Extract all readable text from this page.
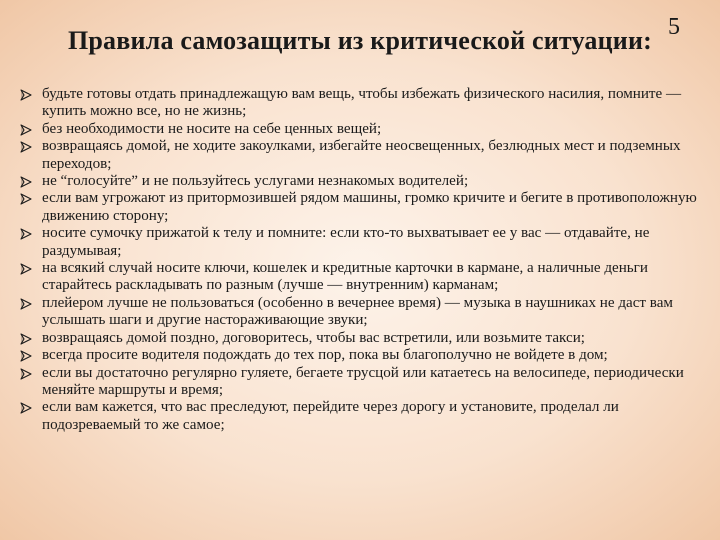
Правила самозащиты из критической ситуации: 5
будьте готовы отдать принадлежащую вам вещь, чтобы избежать физического насилия, помните — купить можно все, но не жизнь;
без необходимости не носите на себе ценных вещей;
возвращаясь домой, не ходите закоулками, избегайте неосвещенных, безлюдных мест и подземных переходов;
не “голосуйте” и не пользуйтесь услугами незнакомых водителей;
если вам угрожают из притормозившей рядом машины, громко кричите и бегите в противоположную движению сторону;
носите сумочку прижатой к телу и помните: если кто-то выхватывает ее у вас — отдавайте, не раздумывая;
на всякий случай носите ключи, кошелек и кредитные карточки в кармане, а наличные деньги старайтесь раскладывать по разным (лучше — внутренним) карманам;
плейером лучше не пользоваться (особенно в вечернее время) — музыка в наушниках не даст вам услышать шаги и другие настораживающие звуки;
возвращаясь домой поздно, договоритесь, чтобы вас встретили, или возьмите такси;
всегда просите водителя подождать до тех пор, пока вы благополучно не войдете в дом;
если вы достаточно регулярно гуляете, бегаете трусцой или катаетесь на велосипеде, периодически меняйте маршруты и время;
если вам кажется, что вас преследуют, перейдите через дорогу и установите, проделал ли подозреваемый то же самое;
